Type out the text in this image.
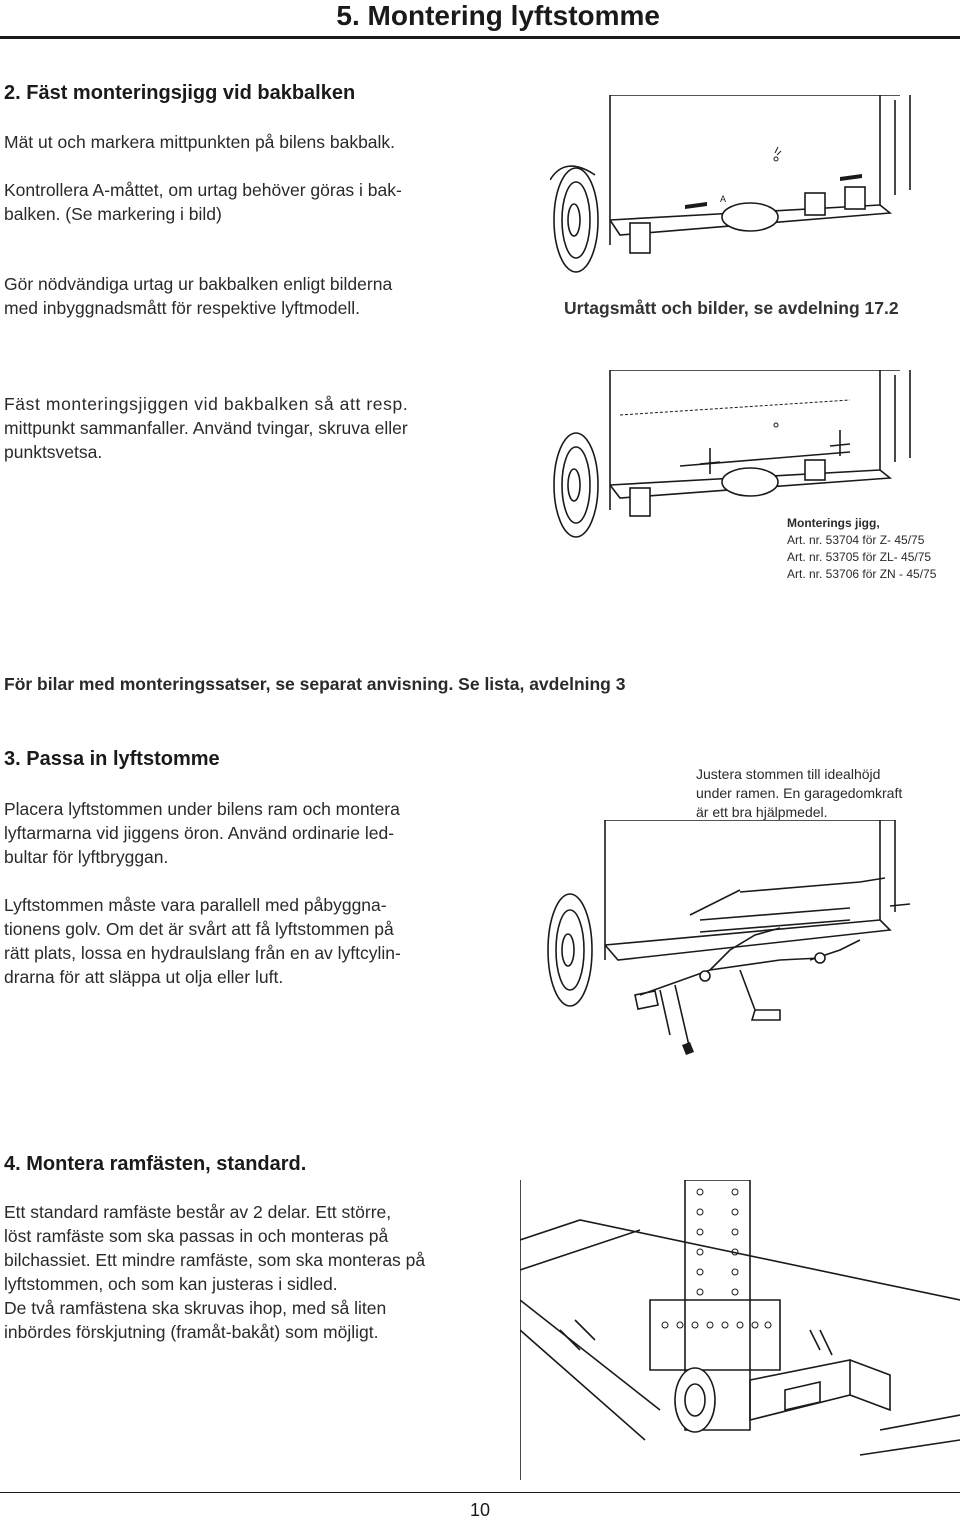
5. Montering lyftstomme
2. Fäst monteringsjigg vid bakbalken
Mät ut och markera mittpunkten på bilens bakbalk.
Kontrollera A-måttet, om urtag behöver göras i bak-
balken. (Se markering i bild)
Gör nödvändiga urtag ur bakbalken enligt bilderna
med inbyggnadsmått för respektive lyftmodell.	Urtagsmått och bilder, se avdelning 17.2
A
Fäst monteringsjiggen vid bakbalken så att resp.
mittpunkt sammanfaller. Använd tvingar, skruva eller
punktsvetsa.
Monterings jigg,
Art. nr. 53704 för Z- 45/75
Art. nr. 53705 för ZL- 45/75
Art. nr. 53706 för ZN - 45/75
För bilar med monteringssatser, se separat anvisning. Se lista, avdelning 3
3. Passa in lyftstomme
Placera lyftstommen under bilens ram och montera
lyftarmarna vid jiggens öron. Använd ordinarie led-
bultar för lyftbryggan.
Justera stommen till idealhöjd
under ramen. En garagedomkraft
är ett bra hjälpmedel.
Lyftstommen måste vara parallell med påbyggna-
tionens golv. Om det är svårt att få lyftstommen på
rätt plats, lossa en hydraulslang från en av lyftcylin-
drarna för att släppa ut olja eller luft.
4. Montera ramfästen, standard.
Ett standard ramfäste består av 2 delar. Ett större,
löst ramfäste som ska passas in och monteras på
bilchassiet. Ett mindre ramfäste, som ska monteras på
lyftstommen, och som kan justeras i sidled.
De två ramfästena ska skruvas ihop, med så liten
inbördes förskjutning (framåt-bakåt) som möjligt.
10
